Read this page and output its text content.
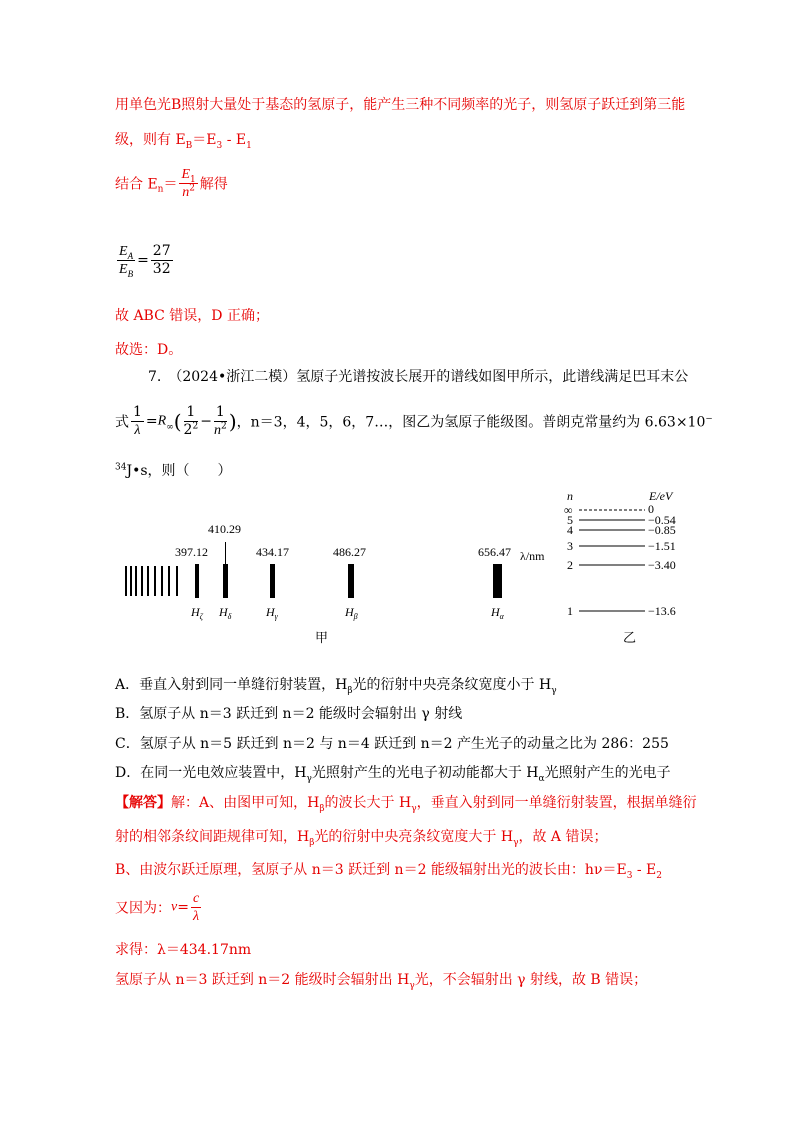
用单色光B照射大量处于基态的氢原子，能产生三种不同频率的光子，则氢原子跃迁到第三能
级，则有 $E_B=E_3 - E_1$
结合 $E_n= \frac{E_1}{n^2}$ 解得
$\frac{E_A}{E_B} = \frac{27}{32}$
故 ABC 错误，D 正确；
故选：D。
7.　 （2024•浙江二模）氢原子光谱按波长展开的谱线如图甲所示，此谱线满足巴耳末公
式 $\frac{1}{\lambda} =R_\infty( \frac{1}{2^2} - \frac{1}{n^2}$ )，n＝3，4，5，6，7…，图乙为氢原子能级图。普朗克常量约为 6.63×10⁻
$^{34}$J•s，则（　　）
397.12
410.29
434.17	486.27	656.47 λ/nm
$H_\zeta$ $H_\delta$	$H_\gamma$	$H_\beta$	$H_\alpha$
甲
n	E/eV
∞	0
5	−0.54
4	−0.85
3	−1.51
2	−3.40
1	−13.6
乙
A．垂直入射到同一单缝衍射装置，$H_\beta$光的衍射中央亮条纹宽度小于 $H_\gamma$
B．氢原子从 n＝3 跃迁到 n＝2 能级时会辐射出 γ 射线
C．氢原子从 n＝5 跃迁到 n＝2 与 n＝4 跃迁到 n＝2 产生光子的动量之比为 286：255
D．在同一光电效应装置中，$H_\gamma$光照射产生的光电子初动能都大于 $H_\alpha$光照射产生的光电子
【解答】解：A、由图甲可知，$H_\beta$的波长大于 $H_\gamma$，垂直入射到同一单缝衍射装置，根据单缝衍
射的相邻条纹间距规律可知，$H_\beta$光的衍射中央亮条纹宽度大于 $H_\gamma$，故 A 错误；
B、由波尔跃迁原理，氢原子从 n＝3 跃迁到 n＝2 能级辐射出光的波长由：$h\nu=E_3 - E_2$
又因为：$\nu= \frac{c}{\lambda}$
求得：λ＝434.17nm
氢原子从 n＝3 跃迁到 n＝2 能级时会辐射出 $H_\gamma$光，不会辐射出 γ 射线，故 B 错误；
